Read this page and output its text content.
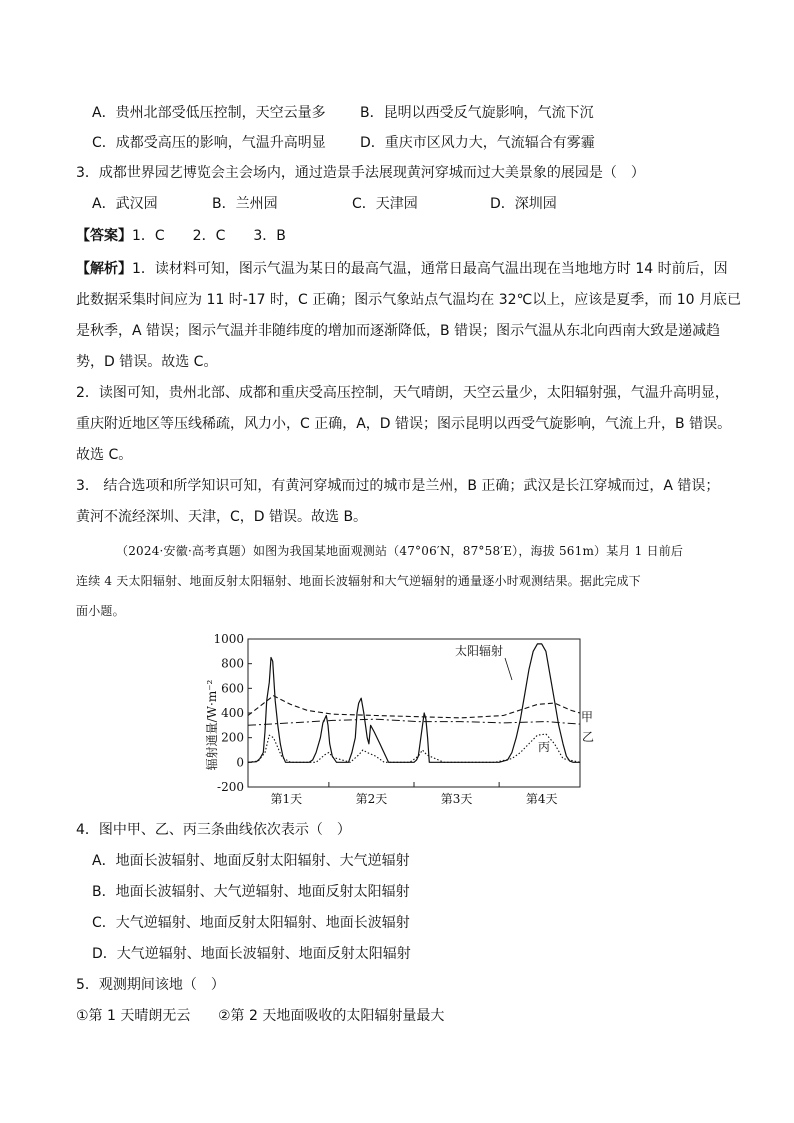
A．贵州北部受低压控制，天空云量多 B．昆明以西受反气旋影响，气流下沉
C．成都受高压的影响，气温升高明显 D．重庆市区风力大，气流辐合有雾霾
3．成都世界园艺博览会主会场内，通过造景手法展现黄河穿城而过大美景象的展园是（　）
A．武汉园	B．兰州园	C．天津园	D．深圳园
【答案】1．C　　2．C　　3．B
【解析】1．读材料可知，图示气温为某日的最高气温，通常日最高气温出现在当地地方时 14 时前后，因
此数据采集时间应为 11 时-17 时，C 正确；图示气象站点气温均在 32℃以上，应该是夏季，而 10 月底已
是秋季，A 错误；图示气温并非随纬度的增加而逐渐降低，B 错误；图示气温从东北向西南大致是递减趋
势，D 错误。故选 C。
2．读图可知，贵州北部、成都和重庆受高压控制，天气晴朗，天空云量少，太阳辐射强，气温升高明显，
重庆附近地区等压线稀疏，风力小，C 正确，A，D 错误；图示昆明以西受气旋影响，气流上升，B 错误。
故选 C。
3． 结合选项和所学知识可知，有黄河穿城而过的城市是兰州，B 正确；武汉是长江穿城而过，A 错误；
黄河不流经深圳、天津，C，D 错误。故选 B。
（2024·安徽·高考真题）如图为我国某地面观测站（47°06′N，87°58′E），海拔 561m）某月 1 日前后
连续 4 天太阳辐射、地面反射太阳辐射、地面长波辐射和大气逆辐射的通量逐小时观测结果。据此完成下
面小题。
1000
800
600
400
200
0
-200
第1天	第2天	第3天	第4天
辐射通量/W·m⁻²
太阳辐射
甲
乙
丙
4．图中甲、乙、丙三条曲线依次表示（　）
A．地面长波辐射、地面反射太阳辐射、大气逆辐射
B．地面长波辐射、大气逆辐射、地面反射太阳辐射
C．大气逆辐射、地面反射太阳辐射、地面长波辐射
D．大气逆辐射、地面长波辐射、地面反射太阳辐射
5．观测期间该地（　）
①第 1 天晴朗无云 ②第 2 天地面吸收的太阳辐射量最大
